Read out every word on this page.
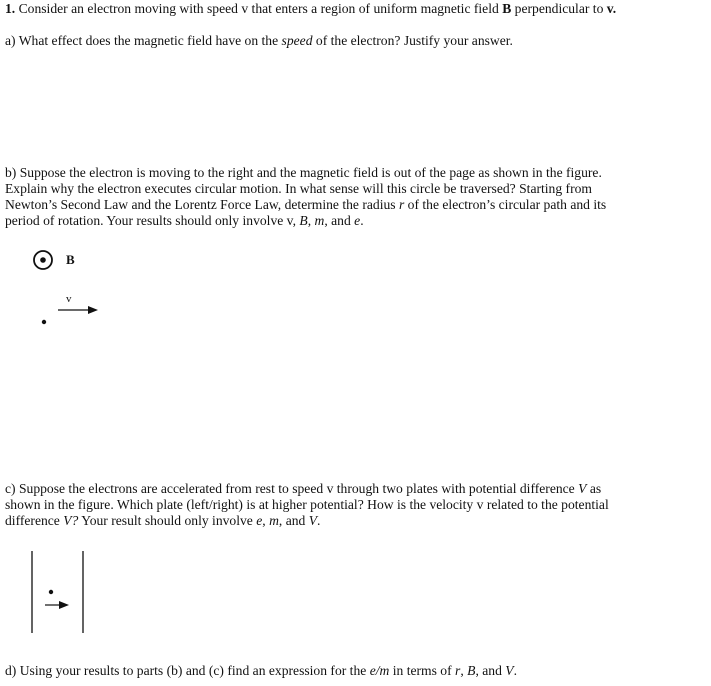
1. Consider an electron moving with speed v that enters a region of uniform magnetic field B perpendicular to v.

a) What effect does the magnetic field have on the speed of the electron? Justify your answer.

b) Suppose the electron is moving to the right and the magnetic field is out of the page as shown in the figure.

Explain why the electron executes circular motion. In what sense will this circle be traversed? Starting from

Newton’s Second Law and the Lorentz Force Law, determine the radius r of the electron’s circular path and its

period of rotation. Your results should only involve v, B, m, and e.

B

v

c) Suppose the electrons are accelerated from rest to speed v through two plates with potential difference V as

shown in the figure. Which plate (left/right) is at higher potential? How is the velocity v related to the potential

difference V? Your result should only involve e, m, and V.

d) Using your results to parts (b) and (c) find an expression for the e/m in terms of r, B, and V.
